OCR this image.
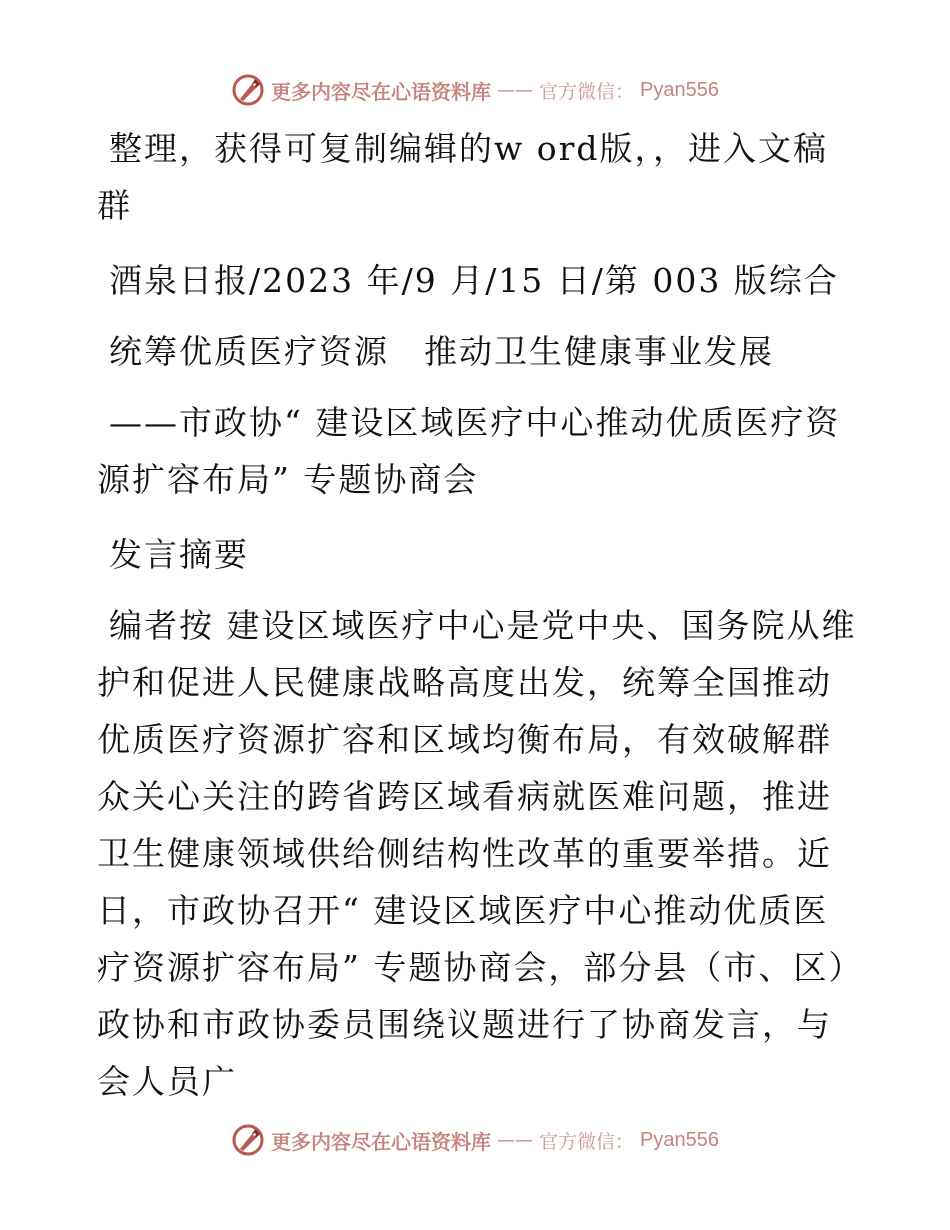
更多内容尽在心语资料库 —— 官方微信： Pyan556

整理，获得可复制编辑的w ord版，，进入文稿群

酒泉日报/2023 年/9 月/15 日/第 003 版综合

统筹优质医疗资源　推动卫生健康事业发展

——市政协“ 建设区域医疗中心推动优质医疗资源扩容布局” 专题协商会

发言摘要

编者按 建设区域医疗中心是党中央、国务院从维护和促进人民健康战略高度出发，统筹全国推动优质医疗资源扩容和区域均衡布局，有效破解群众关心关注的跨省跨区域看病就医难问题，推进卫生健康领域供给侧结构性改革的重要举措。近日，市政协召开“ 建设区域医疗中心推动优质医疗资源扩容布局” 专题协商会，部分县（市、区）政协和市政协委员围绕议题进行了协商发言，与会人员广

更多内容尽在心语资料库 —— 官方微信： Pyan556
